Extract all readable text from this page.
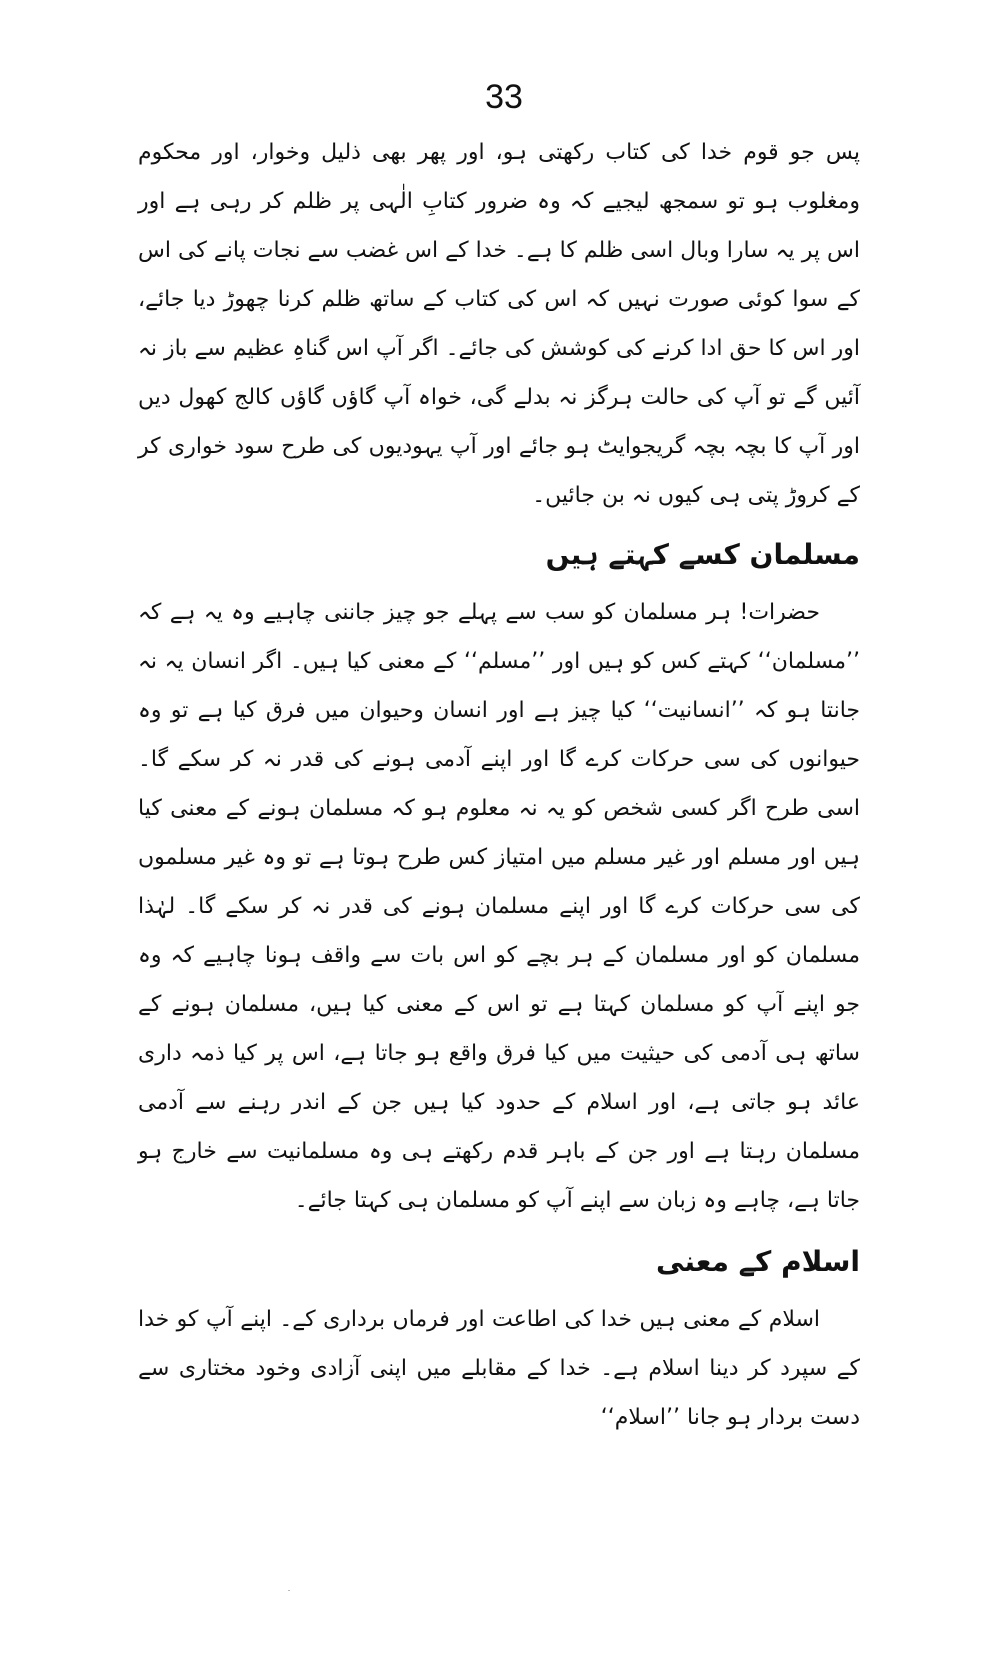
33

پس جو قوم خدا کی کتاب رکھتی ہو، اور پھر بھی ذلیل وخوار، اور محکوم ومغلوب ہو تو سمجھ لیجیے کہ وہ ضرور کتابِ الٰہی پر ظلم کر رہی ہے اور اس پر یہ سارا وبال اسی ظلم کا ہے۔ خدا کے اس غضب سے نجات پانے کی اس کے سوا کوئی صورت نہیں کہ اس کی کتاب کے ساتھ ظلم کرنا چھوڑ دیا جائے، اور اس کا حق ادا کرنے کی کوشش کی جائے۔ اگر آپ اس گناہِ عظیم سے باز نہ آئیں گے تو آپ کی حالت ہرگز نہ بدلے گی، خواہ آپ گاؤں گاؤں کالج کھول دیں اور آپ کا بچہ بچہ گریجوایٹ ہو جائے اور آپ یہودیوں کی طرح سود خواری کر کے کروڑ پتی ہی کیوں نہ بن جائیں۔

مسلمان کسے کہتے ہیں

حضرات! ہر مسلمان کو سب سے پہلے جو چیز جاننی چاہیے وہ یہ ہے کہ ’’مسلمان‘‘ کہتے کس کو ہیں اور ’’مسلم‘‘ کے معنی کیا ہیں۔ اگر انسان یہ نہ جانتا ہو کہ ’’انسانیت‘‘ کیا چیز ہے اور انسان وحیوان میں فرق کیا ہے تو وہ حیوانوں کی سی حرکات کرے گا اور اپنے آدمی ہونے کی قدر نہ کر سکے گا۔ اسی طرح اگر کسی شخص کو یہ نہ معلوم ہو کہ مسلمان ہونے کے معنی کیا ہیں اور مسلم اور غیر مسلم میں امتیاز کس طرح ہوتا ہے تو وہ غیر مسلموں کی سی حرکات کرے گا اور اپنے مسلمان ہونے کی قدر نہ کر سکے گا۔ لہٰذا مسلمان کو اور مسلمان کے ہر بچے کو اس بات سے واقف ہونا چاہیے کہ وہ جو اپنے آپ کو مسلمان کہتا ہے تو اس کے معنی کیا ہیں، مسلمان ہونے کے ساتھ ہی آدمی کی حیثیت میں کیا فرق واقع ہو جاتا ہے، اس پر کیا ذمہ داری عائد ہو جاتی ہے، اور اسلام کے حدود کیا ہیں جن کے اندر رہنے سے آدمی مسلمان رہتا ہے اور جن کے باہر قدم رکھتے ہی وہ مسلمانیت سے خارج ہو جاتا ہے، چاہے وہ زبان سے اپنے آپ کو مسلمان ہی کہتا جائے۔

اسلام کے معنی

اسلام کے معنی ہیں خدا کی اطاعت اور فرماں برداری کے۔ اپنے آپ کو خدا کے سپرد کر دینا اسلام ہے۔ خدا کے مقابلے میں اپنی آزادی وخود مختاری سے دست بردار ہو جانا ’’اسلام‘‘
